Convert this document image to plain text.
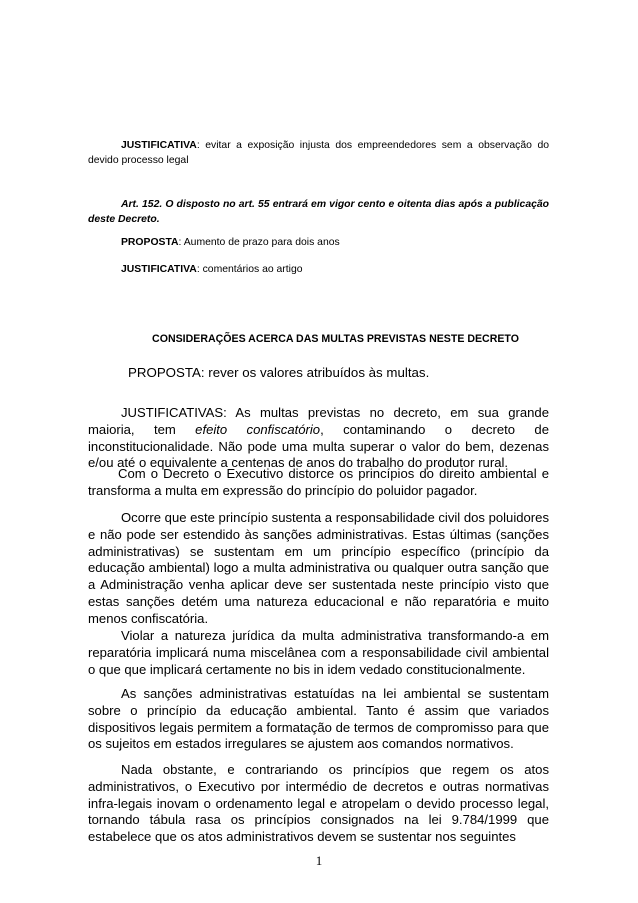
JUSTIFICATIVA: evitar a exposição injusta dos empreendedores sem a observação do devido processo legal

Art. 152. O disposto no art. 55 entrará em vigor cento e oitenta dias após a publicação deste Decreto.

PROPOSTA: Aumento de prazo para dois anos

JUSTIFICATIVA: comentários ao artigo

CONSIDERAÇÕES ACERCA DAS MULTAS PREVISTAS NESTE DECRETO
PROPOSTA: rever os valores atribuídos às multas.

JUSTIFICATIVAS: As multas previstas no decreto, em sua grande maioria, tem efeito confiscatório, contaminando o decreto de inconstitucionalidade. Não pode uma multa superar o valor do bem, dezenas e/ou até o equivalente a centenas de anos do trabalho do produtor rural.

Com o Decreto o Executivo distorce os princípios do direito ambiental e transforma a multa em expressão do princípio do poluidor pagador.

Ocorre que este princípio sustenta a responsabilidade civil dos poluidores e não pode ser estendido às sanções administrativas. Estas últimas (sanções administrativas) se sustentam em um princípio específico (princípio da educação ambiental) logo a multa administrativa ou qualquer outra sanção que a Administração venha aplicar deve ser sustentada neste princípio visto que estas sanções detém uma natureza educacional e não reparatória e muito menos confiscatória.

Violar a natureza jurídica da multa administrativa transformando-a em reparatória implicará numa miscelânea com a responsabilidade civil ambiental o que que implicará certamente no bis in idem vedado constitucionalmente.

As sanções administrativas estatuídas na lei ambiental se sustentam sobre o princípio da educação ambiental. Tanto é assim que variados dispositivos legais permitem a formatação de termos de compromisso para que os sujeitos em estados irregulares se ajustem aos comandos normativos.

Nada obstante, e contrariando os princípios que regem os atos administrativos, o Executivo por intermédio de decretos e outras normativas infra-legais inovam o ordenamento legal e atropelam o devido processo legal, tornando tábula rasa os princípios consignados na lei 9.784/1999 que estabelece que os atos administrativos devem se sustentar nos seguintes

1
